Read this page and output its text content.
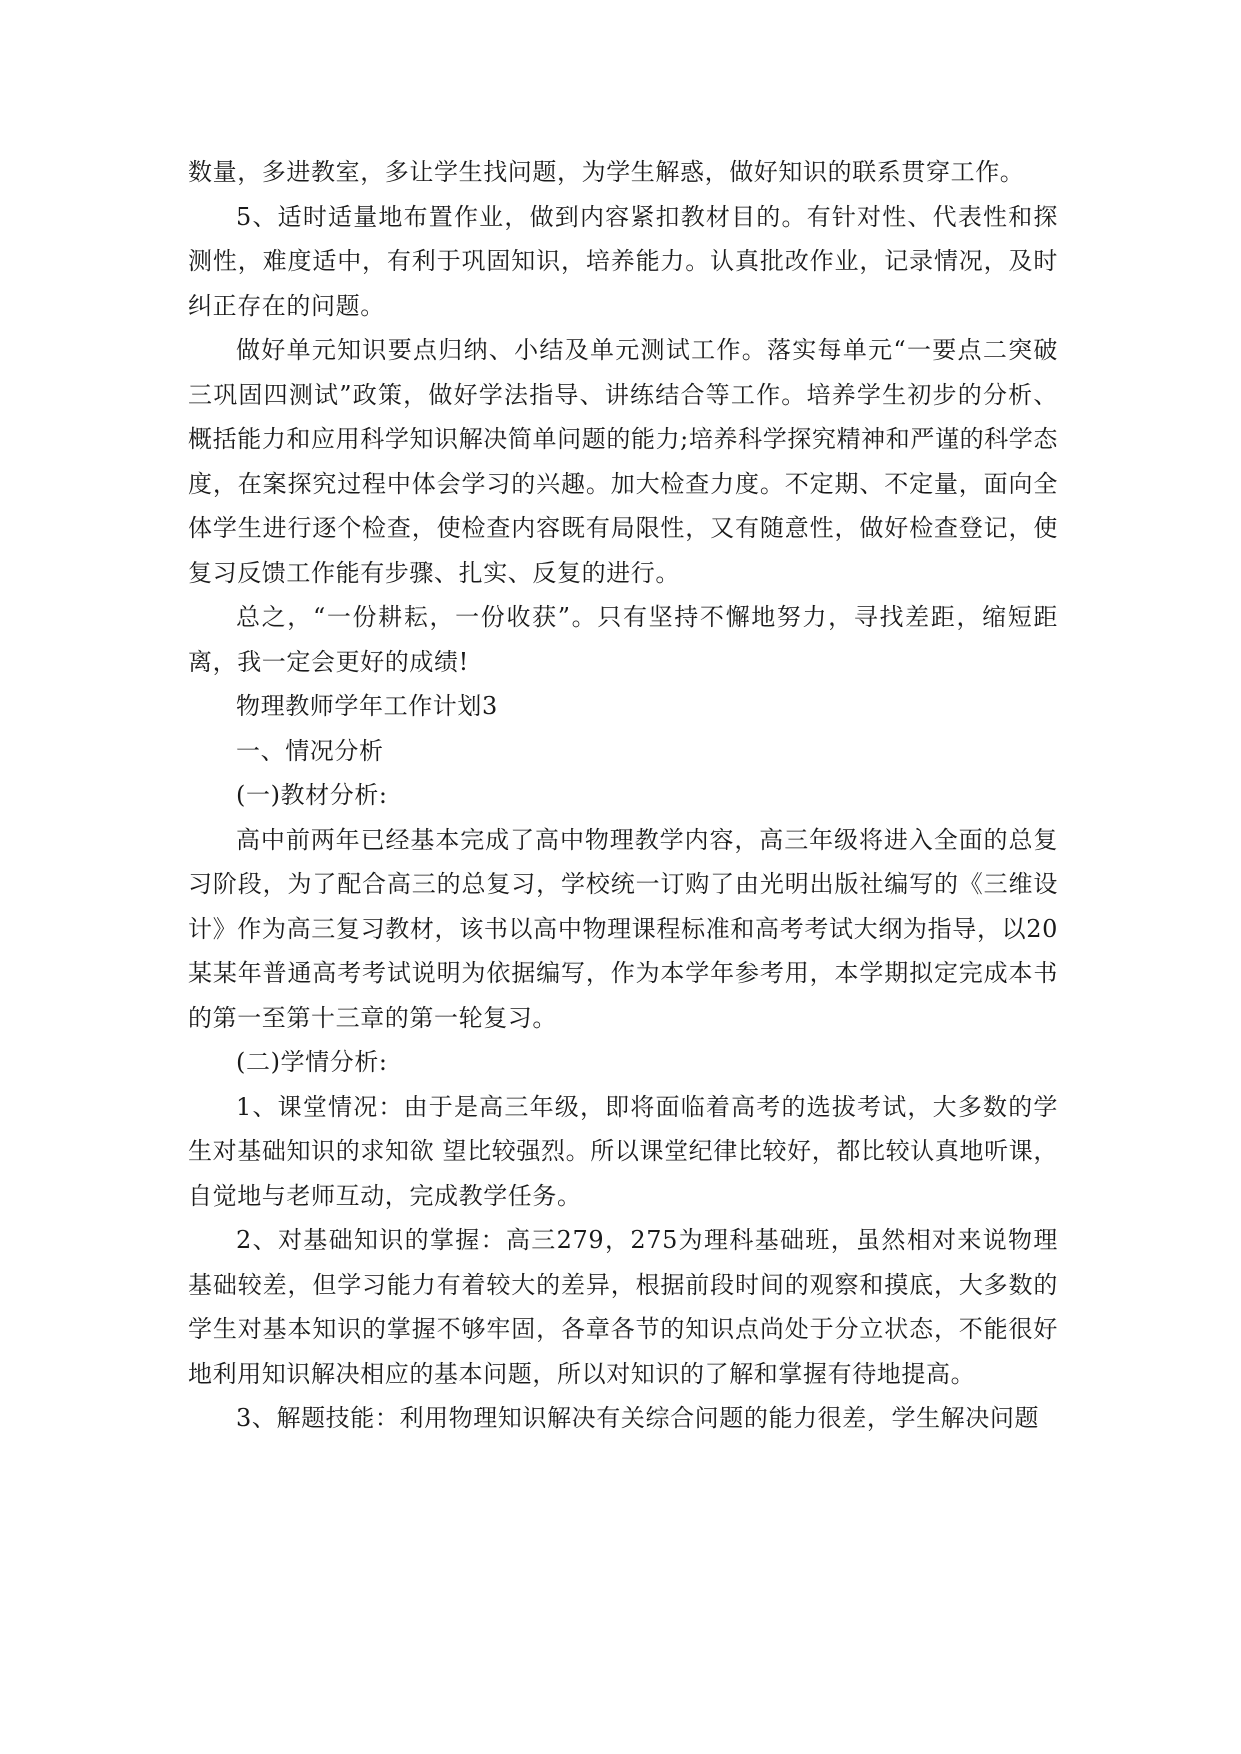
数量，多进教室，多让学生找问题，为学生解惑，做好知识的联系贯穿工作。

5、适时适量地布置作业，做到内容紧扣教材目的。有针对性、代表性和探测性，难度适中，有利于巩固知识，培养能力。认真批改作业，记录情况，及时纠正存在的问题。

做好单元知识要点归纳、小结及单元测试工作。落实每单元“一要点二突破三巩固四测试”政策，做好学法指导、讲练结合等工作。培养学生初步的分析、概括能力和应用科学知识解决简单问题的能力;培养科学探究精神和严谨的科学态度，在案探究过程中体会学习的兴趣。加大检查力度。不定期、不定量，面向全体学生进行逐个检查，使检查内容既有局限性，又有随意性，做好检查登记，使复习反馈工作能有步骤、扎实、反复的进行。

总之，“一份耕耘，一份收获”。只有坚持不懈地努力，寻找差距，缩短距离，我一定会更好的成绩!

物理教师学年工作计划3

一、情况分析

(一)教材分析:

高中前两年已经基本完成了高中物理教学内容，高三年级将进入全面的总复习阶段，为了配合高三的总复习，学校统一订购了由光明出版社编写的《三维设计》作为高三复习教材，该书以高中物理课程标准和高考考试大纲为指导，以20某某年普通高考考试说明为依据编写，作为本学年参考用，本学期拟定完成本书的第一至第十三章的第一轮复习。

(二)学情分析:

1、课堂情况：由于是高三年级，即将面临着高考的选拔考试，大多数的学生对基础知识的求知欲 望比较强烈。所以课堂纪律比较好，都比较认真地听课，自觉地与老师互动，完成教学任务。

2、对基础知识的掌握：高三279，275为理科基础班，虽然相对来说物理基础较差，但学习能力有着较大的差异，根据前段时间的观察和摸底，大多数的学生对基本知识的掌握不够牢固，各章各节的知识点尚处于分立状态，不能很好地利用知识解决相应的基本问题，所以对知识的了解和掌握有待地提高。

3、解题技能：利用物理知识解决有关综合问题的能力很差，学生解决问题
